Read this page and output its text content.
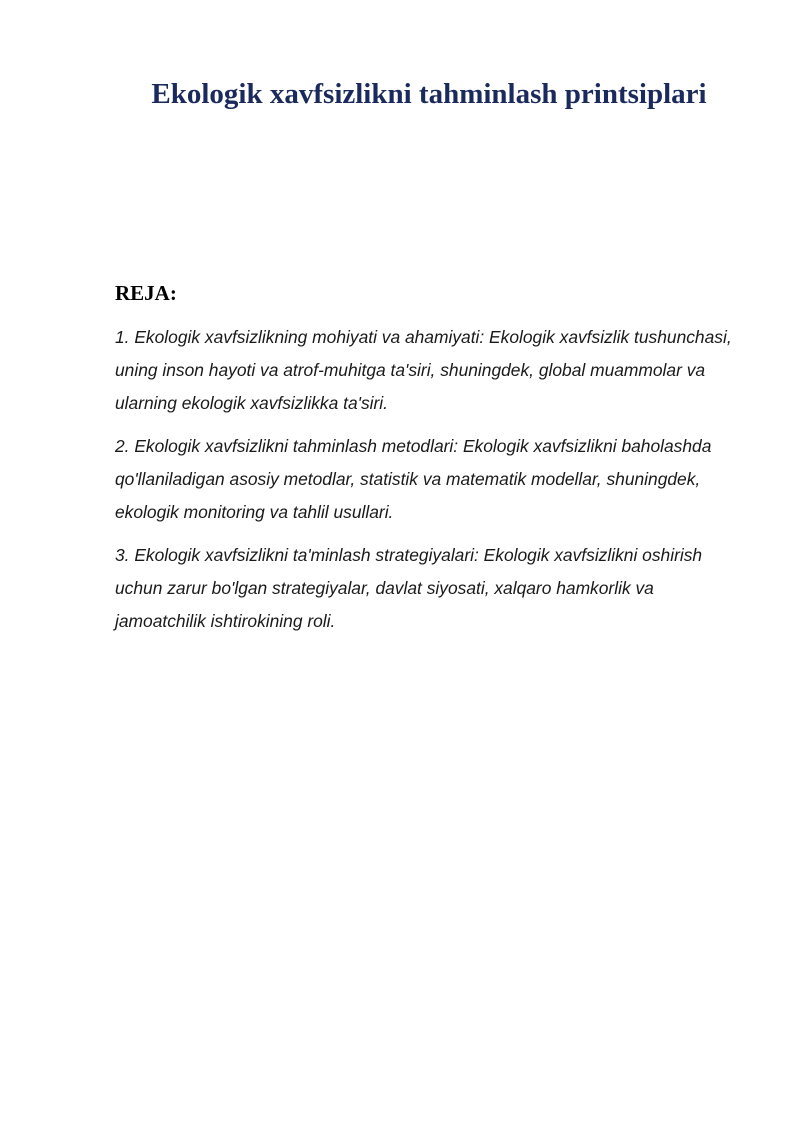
Ekologik xavfsizlikni tahminlash printsiplari
REJA:
1. Ekologik xavfsizlikning mohiyati va ahamiyati: Ekologik xavfsizlik tushunchasi, uning inson hayoti va atrof-muhitga ta'siri, shuningdek, global muammolar va ularning ekologik xavfsizlikka ta'siri.
2. Ekologik xavfsizlikni tahminlash metodlari: Ekologik xavfsizlikni baholashda qo'llaniladigan asosiy metodlar, statistik va matematik modellar, shuningdek, ekologik monitoring va tahlil usullari.
3. Ekologik xavfsizlikni ta'minlash strategiyalari: Ekologik xavfsizlikni oshirish uchun zarur bo'lgan strategiyalar, davlat siyosati, xalqaro hamkorlik va jamoatchilik ishtirokining roli.
